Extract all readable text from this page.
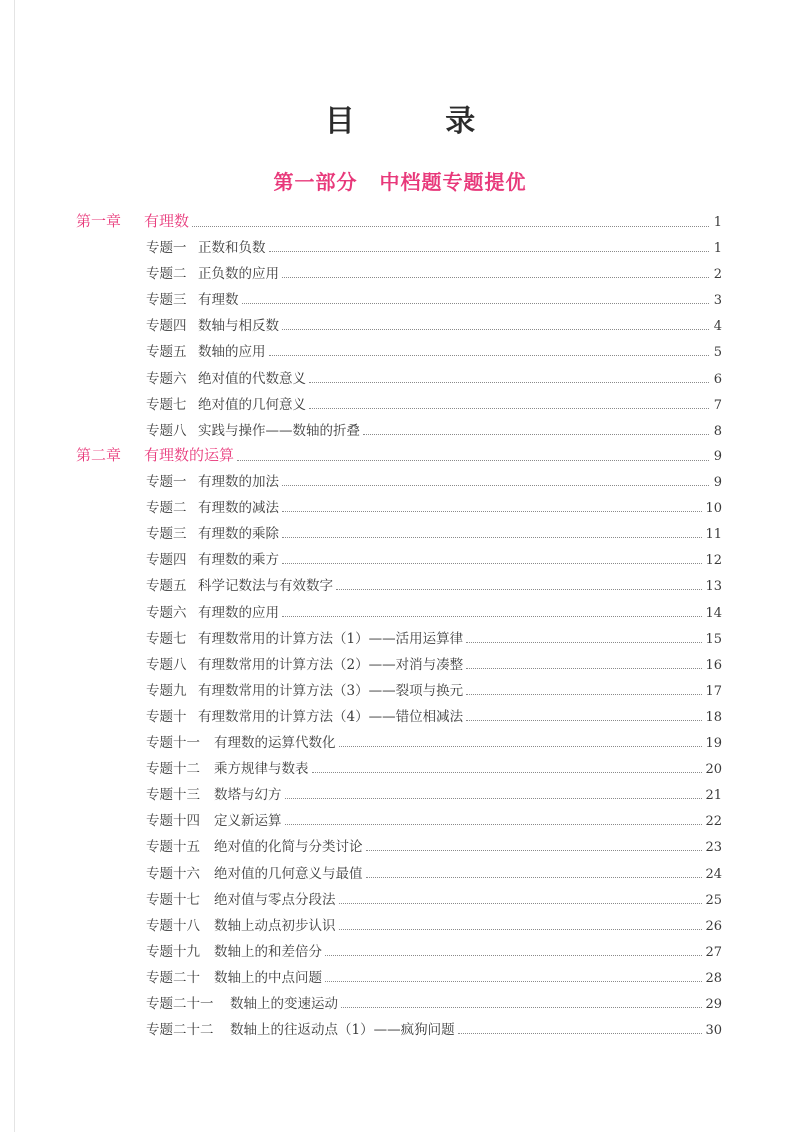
目 录
第一部分 中档题专题提优
第一章	有理数	1
专题一 正数和负数	1
专题二 正负数的应用	2
专题三 有理数	3
专题四 数轴与相反数	4
专题五 数轴的应用	5
专题六 绝对值的代数意义	6
专题七 绝对值的几何意义	7
专题八 实践与操作——数轴的折叠	8
第二章	有理数的运算	9
专题一 有理数的加法	9
专题二 有理数的减法	10
专题三 有理数的乘除	11
专题四 有理数的乘方	12
专题五 科学记数法与有效数字	13
专题六 有理数的应用	14
专题七 有理数常用的计算方法（1）——活用运算律	15
专题八 有理数常用的计算方法（2）——对消与凑整	16
专题九 有理数常用的计算方法（3）——裂项与换元	17
专题十 有理数常用的计算方法（4）——错位相减法	18
专题十一	有理数的运算代数化	19
专题十二	乘方规律与数表	20
专题十三	数塔与幻方	21
专题十四	定义新运算	22
专题十五	绝对值的化简与分类讨论	23
专题十六	绝对值的几何意义与最值	24
专题十七	绝对值与零点分段法	25
专题十八	数轴上动点初步认识	26
专题十九	数轴上的和差倍分	27
专题二十	数轴上的中点问题	28
专题二十一	数轴上的变速运动	29
专题二十二	数轴上的往返动点（1）——疯狗问题	30
